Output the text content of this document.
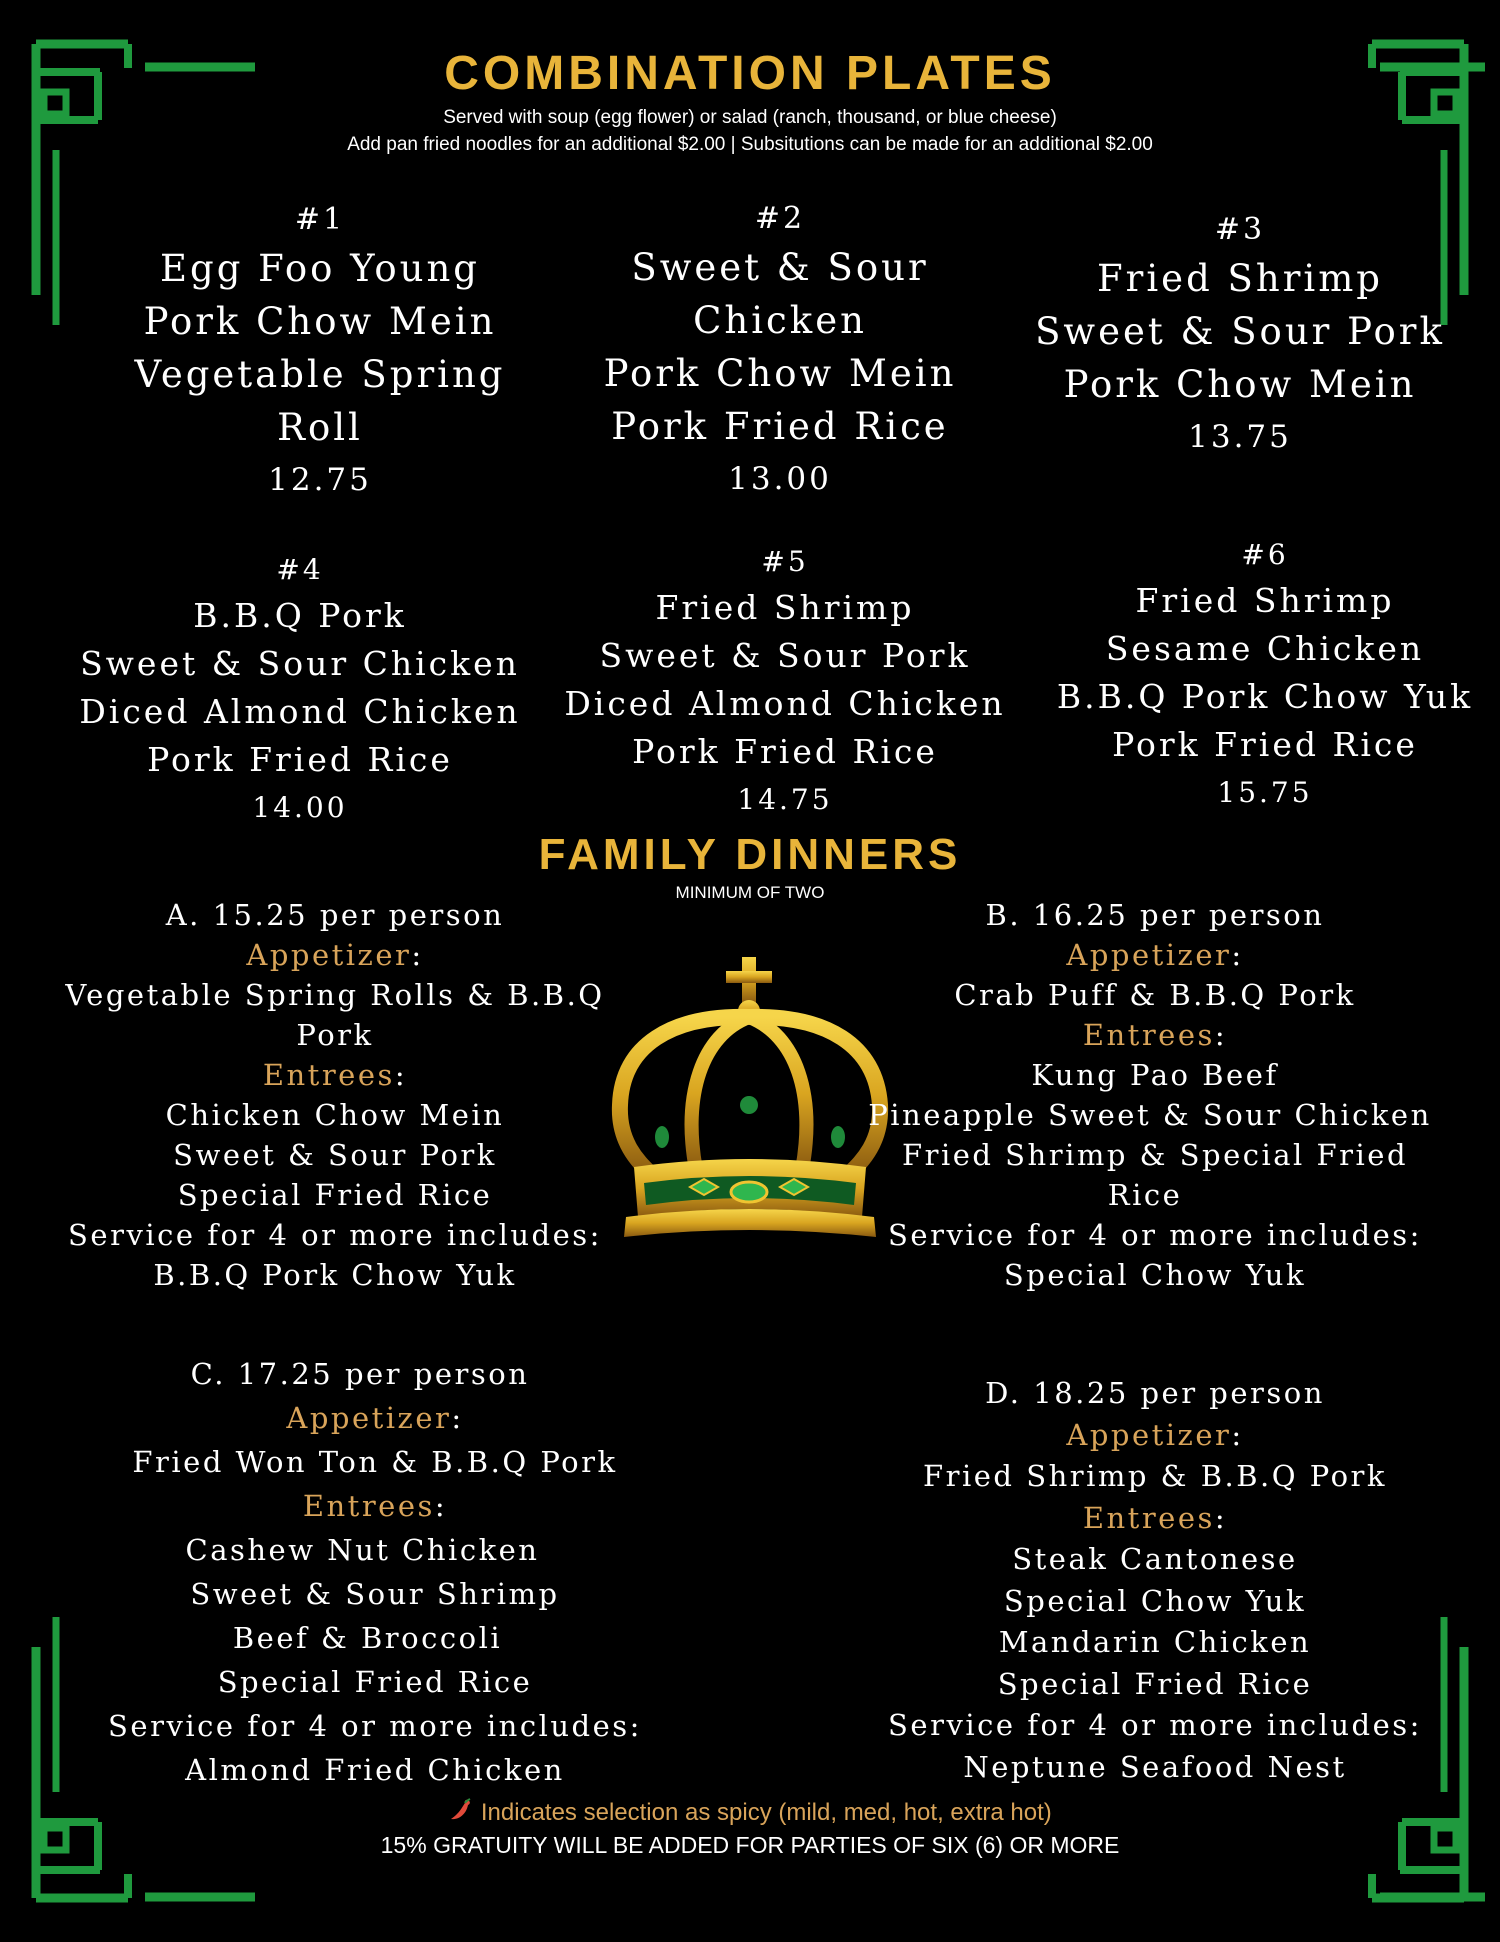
COMBINATION PLATES
Served with soup (egg flower) or salad (ranch, thousand, or blue cheese)
Add pan fried noodles for an additional $2.00 | Subsitutions can be made for an additional $2.00
#1
Egg Foo Young
Pork Chow Mein
Vegetable Spring
Roll
12.75
#2
Sweet & Sour
Chicken
Pork Chow Mein
Pork Fried Rice
13.00
#3
Fried Shrimp
Sweet & Sour Pork
Pork Chow Mein
13.75
#4
B.B.Q Pork
Sweet & Sour Chicken
Diced Almond Chicken
Pork Fried Rice
14.00
#5
Fried Shrimp
Sweet & Sour Pork
Diced Almond Chicken
Pork Fried Rice
14.75
#6
Fried Shrimp
Sesame Chicken
B.B.Q Pork Chow Yuk
Pork Fried Rice
15.75
FAMILY DINNERS
MINIMUM OF TWO
A. 15.25 per person
Appetizer:
Vegetable Spring Rolls & B.B.Q
Pork
Entrees:
Chicken Chow Mein
Sweet & Sour Pork
Special Fried Rice
Service for 4 or more includes:
B.B.Q Pork Chow Yuk
B. 16.25 per person
Appetizer:
Crab Puff & B.B.Q Pork
Entrees:
Kung Pao Beef
Pineapple Sweet & Sour Chicken
Fried Shrimp & Special Fried
Rice
Service for 4 or more includes:
Special Chow Yuk
C. 17.25 per person
Appetizer:
Fried Won Ton & B.B.Q Pork
Entrees:
Cashew Nut Chicken
Sweet & Sour Shrimp
Beef & Broccoli
Special Fried Rice
Service for 4 or more includes:
Almond Fried Chicken
D. 18.25 per person
Appetizer:
Fried Shrimp & B.B.Q Pork
Entrees:
Steak Cantonese
Special Chow Yuk
Mandarin Chicken
Special Fried Rice
Service for 4 or more includes:
Neptune Seafood Nest
Indicates selection as spicy (mild, med, hot, extra hot)
15% GRATUITY WILL BE ADDED FOR PARTIES OF SIX (6) OR MORE
